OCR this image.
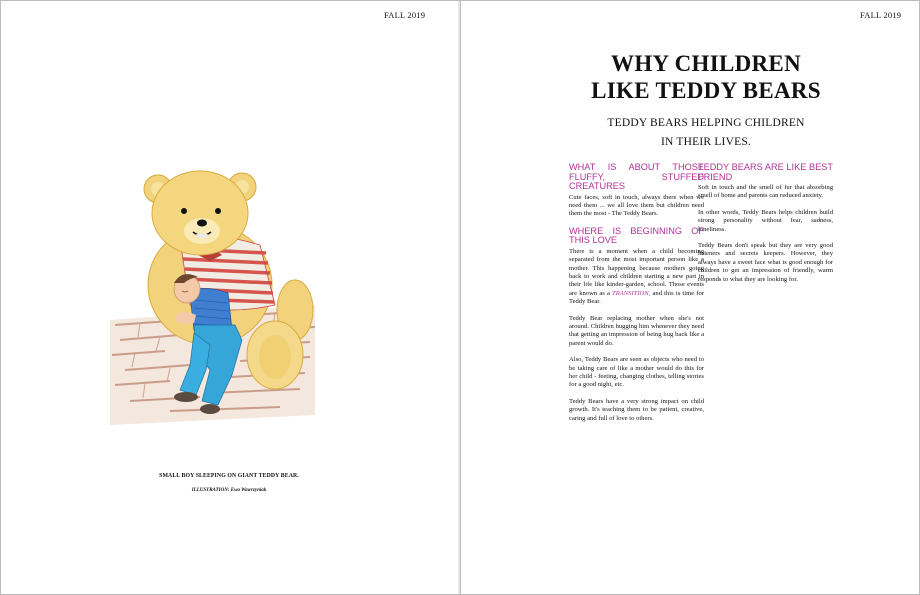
FALL 2019
SMALL BOY SLEEPING ON GIANT TEDDY BEAR.
ILLUSTRATION: Ewa Wawrzyniak
FALL 2019
WHY CHILDREN
LIKE TEDDY BEARS
TEDDY BEARS HELPING CHILDREN
IN THEIR LIVES.
WHAT IS ABOUT THOSE FLUFFY, STUFFED CREATURES

Cute faces, soft in touch, always there when we need them ... we all love them but children need them the most - The Teddy Bears.

WHERE IS BEGINNING OF THIS LOVE

There is a moment when a child becoming separated from the most important person like a mother. This happening because mothers going back to work and children starting a new part in their life like kinder-garden, school. Those events are known as a TRANSITION, and this is time for Teddy Bear.

Teddy Bear replacing mother when she's not around. Children hugging him whenever they need that getting an impression of being hug back like a parent would do.

Also, Teddy Bears are seen as objects who need to be taking care of like a mother would do this for her child - feeting, changing clothes, telling stories for a good night, etc.

Teddy Bears have a very strong impact on child growth. It's teaching them to be patient, creative, caring and full of love to others.

TEDDY BEARS ARE LIKE BEST FRIEND

Soft in touch and the smell of fur that absorbing smell of home and parents can reduced anxiety.

In other words, Teddy Bears helps children build strong personality without fear, sadness, loneliness.

Teddy Bears don't speak but they are very good listeners and secrets keepers. However, they always have a sweet face what is good enough for children to get an impression of friendly, warm responds to what they are looking for.
